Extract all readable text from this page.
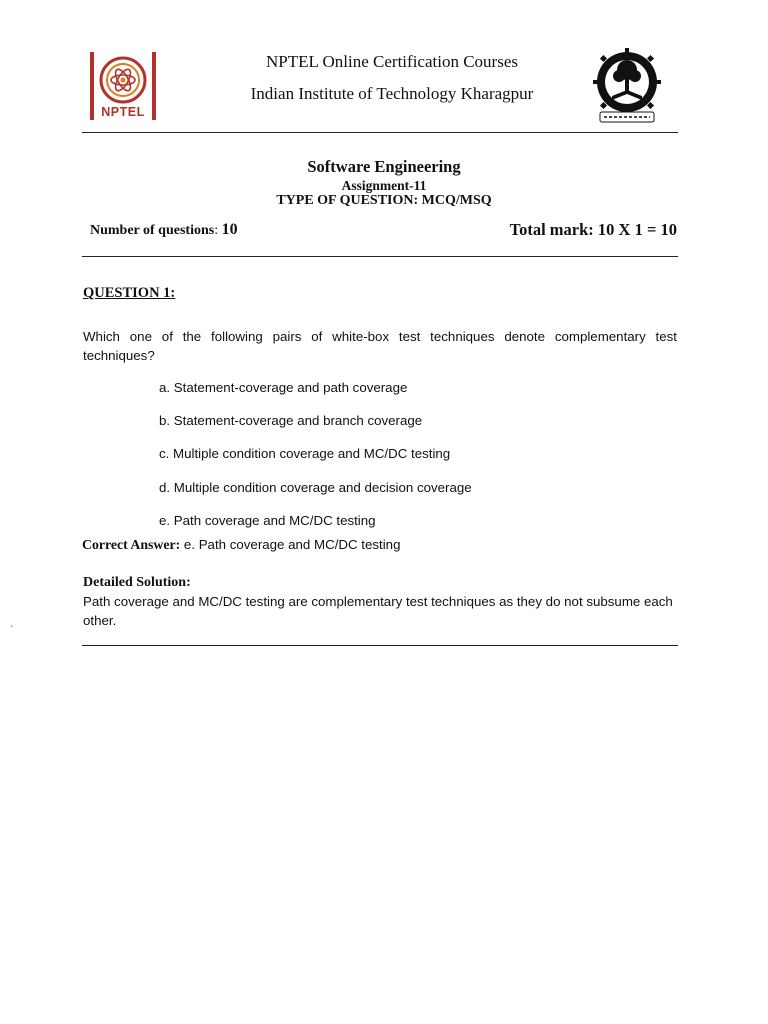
NPTEL
NPTEL Online Certification Courses
Indian Institute of Technology Kharagpur
Software Engineering
Assignment-11
TYPE OF QUESTION: MCQ/MSQ
Number of questions: 10	Total mark: 10 X 1 = 10
QUESTION 1:
Which one of the following pairs of white-box test techniques denote complementary test techniques?
a. Statement-coverage and path coverage
b. Statement-coverage and branch coverage
c. Multiple condition coverage and MC/DC testing
d. Multiple condition coverage and decision coverage
e. Path coverage and MC/DC testing
Correct Answer: e. Path coverage and MC/DC testing
Detailed Solution:
Path coverage and MC/DC testing are complementary test techniques as they do not subsume each other.
`
